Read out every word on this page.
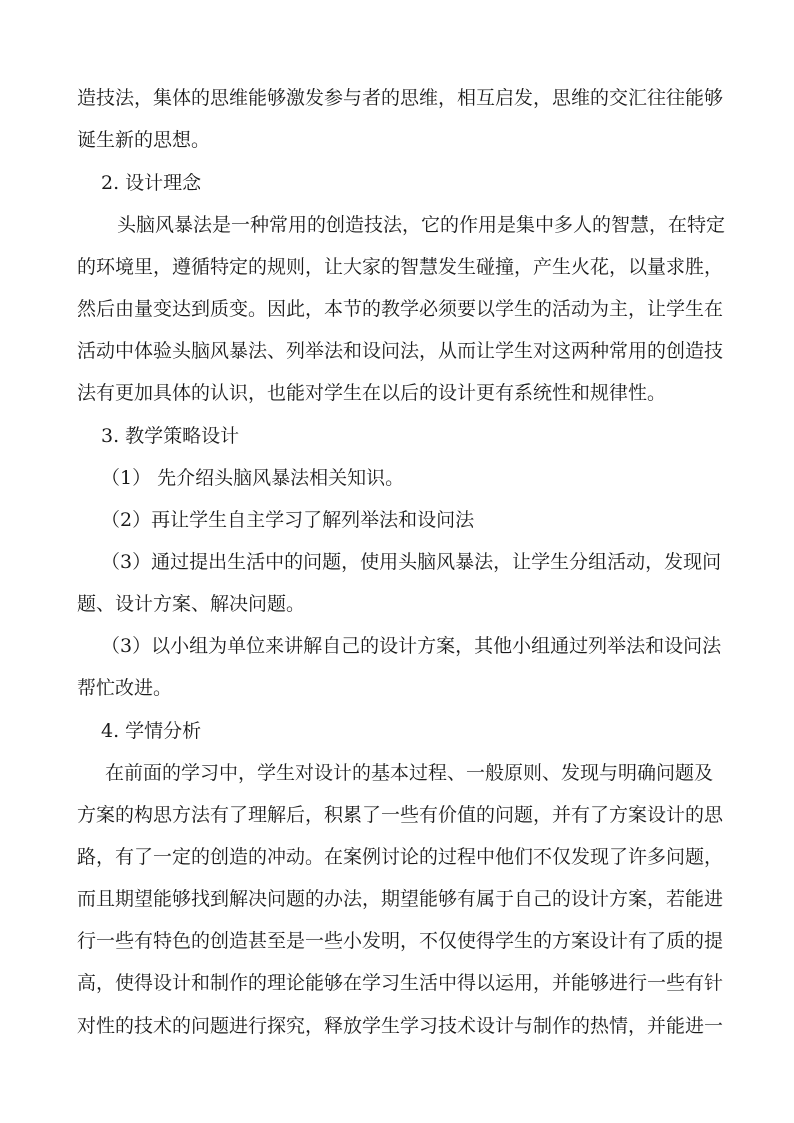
造技法，集体的思维能够激发参与者的思维，相互启发，思维的交汇往往能够
诞生新的思想。
2. 设计理念
头脑风暴法是一种常用的创造技法，它的作用是集中多人的智慧，在特定
的环境里，遵循特定的规则，让大家的智慧发生碰撞，产生火花，以量求胜，
然后由量变达到质变。因此，本节的教学必须要以学生的活动为主，让学生在
活动中体验头脑风暴法、列举法和设问法，从而让学生对这两种常用的创造技
法有更加具体的认识，也能对学生在以后的设计更有系统性和规律性。
3. 教学策略设计
（1） 先介绍头脑风暴法相关知识。
（2）再让学生自主学习了解列举法和设问法
（3）通过提出生活中的问题，使用头脑风暴法，让学生分组活动，发现问
题、设计方案、解决问题。
（3）以小组为单位来讲解自己的设计方案，其他小组通过列举法和设问法
帮忙改进。
4. 学情分析
在前面的学习中，学生对设计的基本过程、一般原则、发现与明确问题及
方案的构思方法有了理解后，积累了一些有价值的问题，并有了方案设计的思
路，有了一定的创造的冲动。在案例讨论的过程中他们不仅发现了许多问题，
而且期望能够找到解决问题的办法，期望能够有属于自己的设计方案，若能进
行一些有特色的创造甚至是一些小发明，不仅使得学生的方案设计有了质的提
高，使得设计和制作的理论能够在学习生活中得以运用，并能够进行一些有针
对性的技术的问题进行探究，释放学生学习技术设计与制作的热情，并能进一
